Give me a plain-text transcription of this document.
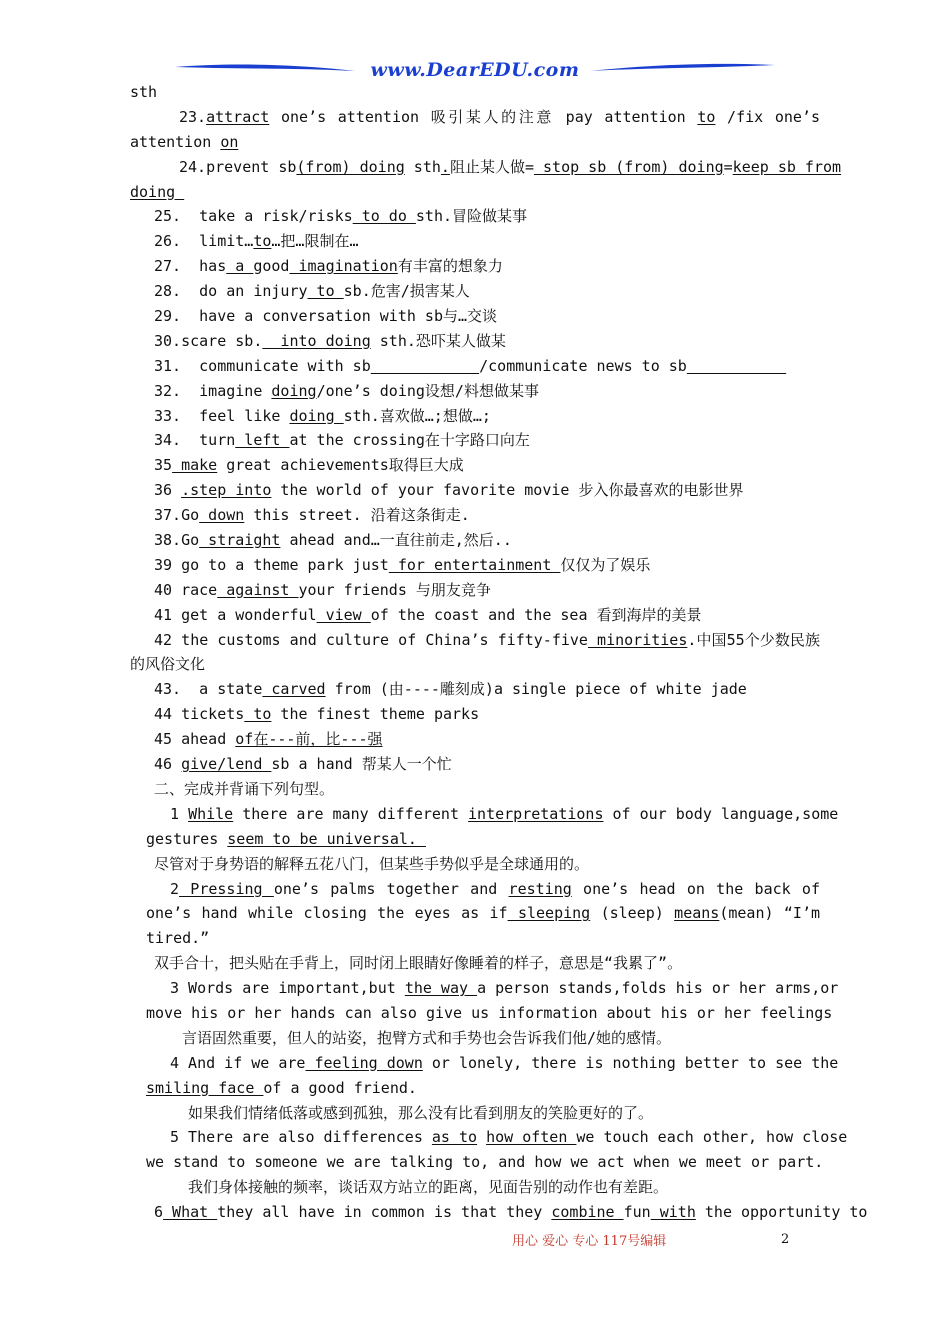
www.DearEDU.com
sth
23.attract one’s attention 吸引某人的注意 pay attention to /fix one’s
attention on
24.prevent sb(from) doing sth.阻止某人做= stop sb (from) doing=keep sb from
doing
25.  take a risk/risks to do sth.冒险做某事
26.  limit…to…把…限制在…
27.  has a good imagination有丰富的想象力
28.  do an injury to sb.危害/损害某人
29.  have a conversation with sb与…交谈
30.scare sb.  into doing sth.恐吓某人做某
31.  communicate with sb	/communicate news to sb
32.  imagine doing/one’s doing设想/料想做某事
33.  feel like doing sth.喜欢做…;想做…;
34.  turn left at the crossing在十字路口向左
35 make great achievements取得巨大成
36 .step into the world of your favorite movie 步入你最喜欢的电影世界
37.Go down this street. 沿着这条街走.
38.Go straight ahead and…一直往前走,然后..
39 go to a theme park just for entertainment 仅仅为了娱乐
40 race against your friends 与朋友竞争
41 get a wonderful view of the coast and the sea 看到海岸的美景
42 the customs and culture of China’s fifty-five minorities.中国55个少数民族
的风俗文化
43.  a state carved from (由----雕刻成)a single piece of white jade
44 tickets to the finest theme parks
45 ahead of在---前，比---强
46 give/lend sb a hand 帮某人一个忙
二、完成并背诵下列句型。
1 While there are many different interpretations of our body language,some
gestures seem to be universal.
尽管对于身势语的解释五花八门，但某些手势似乎是全球通用的。
2 Pressing one’s palms together and resting one’s head on the back of
one’s hand while closing the eyes as if sleeping (sleep) means(mean) “I’m
tired.”
双手合十，把头贴在手背上，同时闭上眼睛好像睡着的样子，意思是“我累了”。
3 Words are important,but the way a person stands,folds his or her arms,or
move his or her hands can also give us information about his or her feelings
言语固然重要，但人的站姿，抱臂方式和手势也会告诉我们他/她的感情。
4 And if we are feeling down or lonely, there is nothing better to see the
smiling face of a good friend.
如果我们情绪低落或感到孤独，那么没有比看到朋友的笑脸更好的了。
5 There are also differences as to how often we touch each other, how close
we stand to someone we are talking to, and how we act when we meet or part.
我们身体接触的频率，谈话双方站立的距离，见面告别的动作也有差距。
6 What they all have in common is that they combine fun with the opportunity to
用心 爱心 专心 117号编辑	2
